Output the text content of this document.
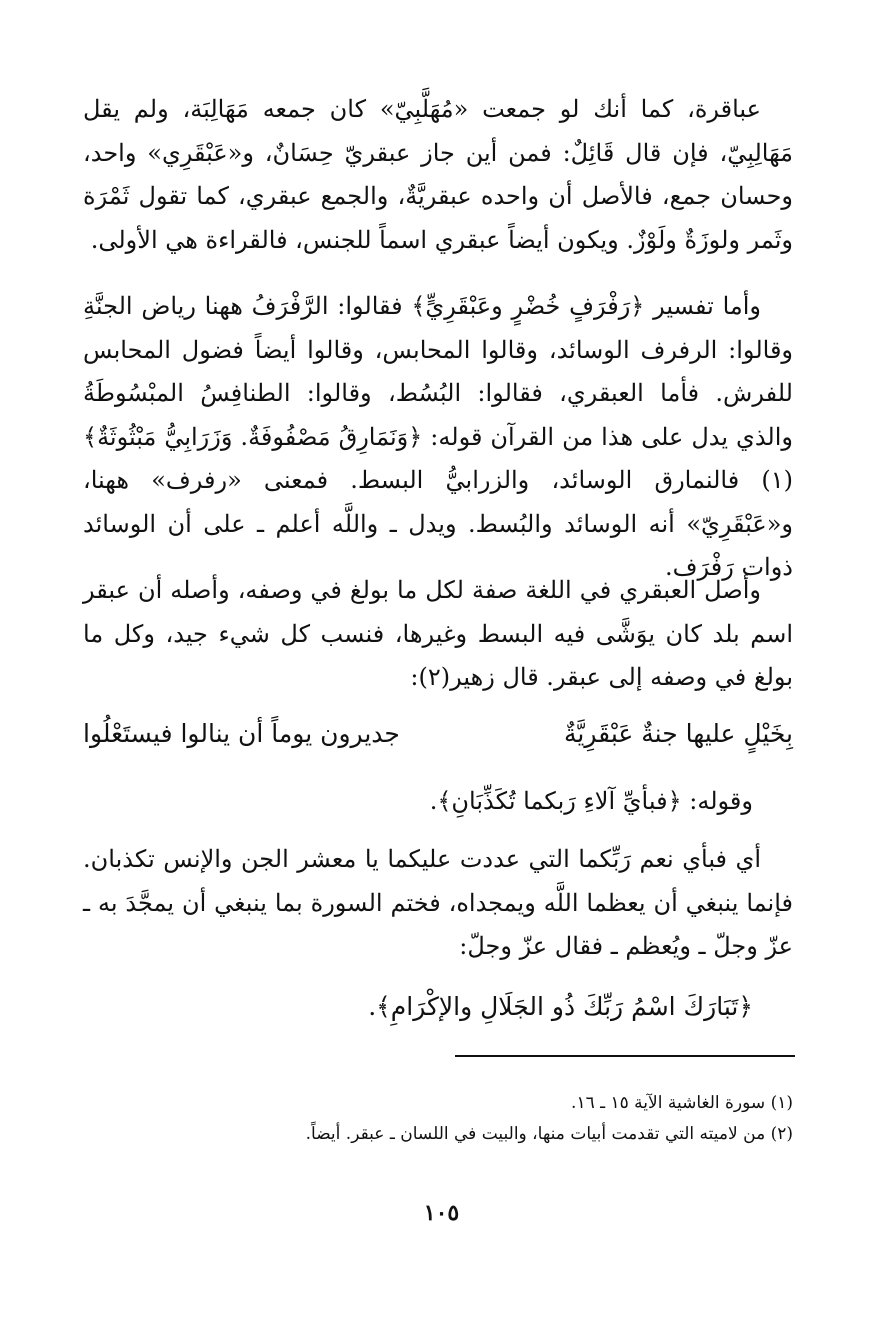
عباقرة، كما أنك لو جمعت «مُهَلَّبِيّ» كان جمعه مَهَالِبَة، ولم يقل مَهَالِبِيّ، فإن قال قَائِلٌ: فمن أين جاز عبقريّ حِسَانٌ، و«عَبْقَرِي» واحد، وحسان جمع، فالأصل أن واحده عبقريَّةٌ، والجمع عبقري، كما تقول ثَمْرَة وثَمر ولوزَةٌ ولَوْزٌ. ويكون أيضاً عبقري اسماً للجنس، فالقراءة هي الأولى.

وأما تفسير ﴿رَفْرَفٍ خُضْرٍ وعَبْقَرِيٍّ﴾ فقالوا: الرَّفْرَفُ ههنا رياض الجنَّةِ وقالوا: الرفرف الوسائد، وقالوا المحابس، وقالوا أيضاً فضول المحابس للفرش. فأما العبقري، فقالوا: البُسُط، وقالوا: الطنافِسُ المبْسُوطَةُ والذي يدل على هذا من القرآن قوله: ﴿وَنَمَارِقُ مَصْفُوفَةٌ. وَزَرَابِيُّ مَبْثُوثَةٌ﴾(١) فالنمارق الوسائد، والزرابيُّ البسط. فمعنى «رفرف» ههنا، و«عَبْقَرِيّ» أنه الوسائد والبُسط. ويدل ـ واللَّه أعلم ـ على أن الوسائد ذوات رَفْرَف.

وأصل العبقري في اللغة صفة لكل ما بولغ في وصفه، وأصله أن عبقر اسم بلد كان يوَشَّى فيه البسط وغيرها، فنسب كل شيء جيد، وكل ما بولغ في وصفه إلى عبقر. قال زهير(٢):

بِخَيْلٍ عليها جنةٌ عَبْقَرِيَّةٌ
جديرون يوماً أن ينالوا فيستَعْلُوا

وقوله: ﴿فبأيِّ آلاءِ رَبكما تُكَذِّبَانِ﴾.

أي فبأي نعم رَبِّكما التي عددت عليكما يا معشر الجن والإنس تكذبان. فإنما ينبغي أن يعظما اللَّه ويمجداه، فختم السورة بما ينبغي أن يمجَّدَ به ـ عزّ وجلّ ـ ويُعظم ـ فقال عزّ وجلّ:

﴿تَبَارَكَ اسْمُ رَبِّكَ ذُو الجَلَالِ والإكْرَامِ﴾.

(١) سورة الغاشية الآية ١٥ ـ ١٦.

(٢) من لاميته التي تقدمت أبيات منها، والبيت في اللسان ـ عبقر. أيضاً.

١٠٥
